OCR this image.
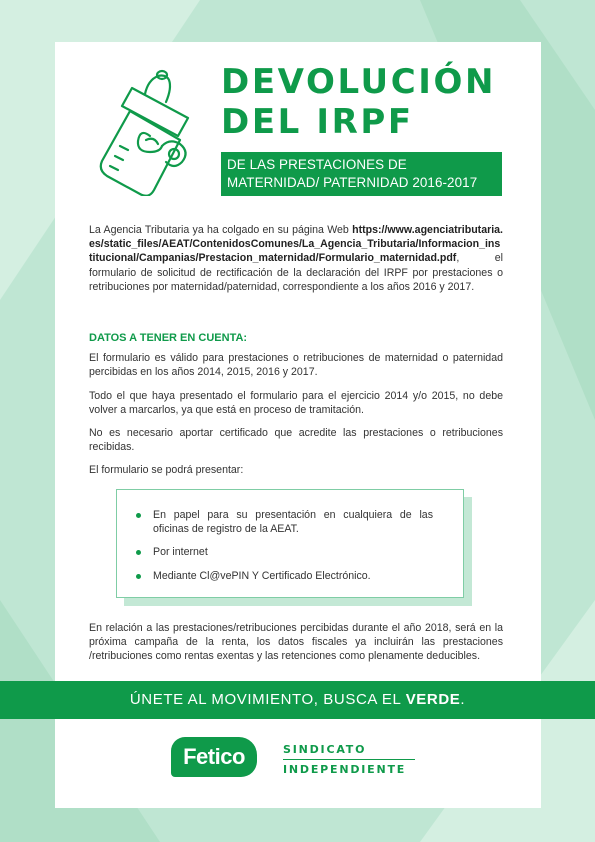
DEVOLUCIÓN
DEL IRPF
DE LAS PRESTACIONES DE
MATERNIDAD/ PATERNIDAD 2016-2017
La Agencia Tributaria ya ha colgado en su página Web https://www.agenciatributaria.es/static_files/AEAT/ContenidosComunes/La_Agencia_Tributaria/Informacion_institucional/Campanias/Prestacion_maternidad/Formulario_maternidad.pdf, el formulario de solicitud de rectificación de la declaración del IRPF por prestaciones o retribuciones por maternidad/paternidad, correspondiente a los años 2016 y 2017.
DATOS A TENER EN CUENTA:
El formulario es válido para prestaciones o retribuciones de maternidad o paternidad percibidas en los años 2014, 2015, 2016 y 2017.
Todo el que haya presentado el formulario para el ejercicio 2014 y/o 2015, no debe volver a marcarlos, ya que está en proceso de tramitación.
No es necesario aportar certificado que acredite las prestaciones o retribuciones recibidas.
El formulario se podrá presentar:
En papel para su presentación en cualquiera de las oficinas de registro de la AEAT.
Por internet
Mediante Cl@vePIN Y Certificado Electrónico.
En relación a las prestaciones/retribuciones percibidas durante el año 2018, será en la próxima campaña de la renta, los datos fiscales ya incluirán las prestaciones /retribuciones como rentas exentas y las retenciones como plenamente deducibles.
ÚNETE AL MOVIMIENTO, BUSCA EL VERDE.
Fetico	SINDICATO
INDEPENDIENTE
